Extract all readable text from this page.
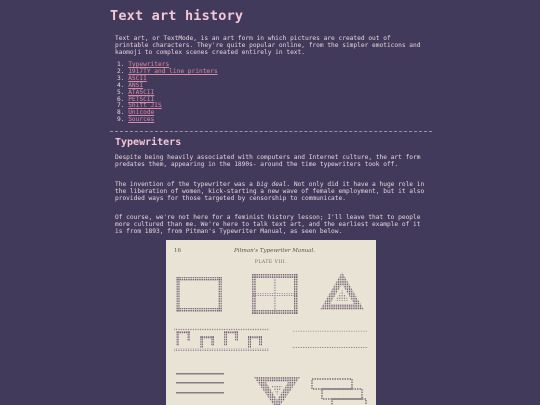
Text art history

Text art, or TextMode, is an art form in which pictures are created out of printable characters. They're quite popular online, from the simpler emoticons and kaomoji to complex scenes created entirely in text.

1. Typewriters
2. 1917TY and line printers
3. ASCII
4. ANSI
5. ATASCII
6. PETSCII
7. Shift JIS
8. Unicode
9. Sources
Typewriters

Despite being heavily associated with computers and Internet culture, the art form predates them, appearing in the 1890s- around the time typewriters took off.

The invention of the typewriter was a big deal. Not only did it have a huge role in the liberation of women, kick-starting a new wave of female employment, but it also provided ways for those targeted by censorship to communicate.

Of course, we're not here for a feminist history lesson; I'll leave that to people more cultured than me. We're here to talk text art, and the earliest example of it is from 1893, from Pitman's Typewriter Manual, as seen below.

16	Pitman's Typewriter Manual.
PLATE VIII.
